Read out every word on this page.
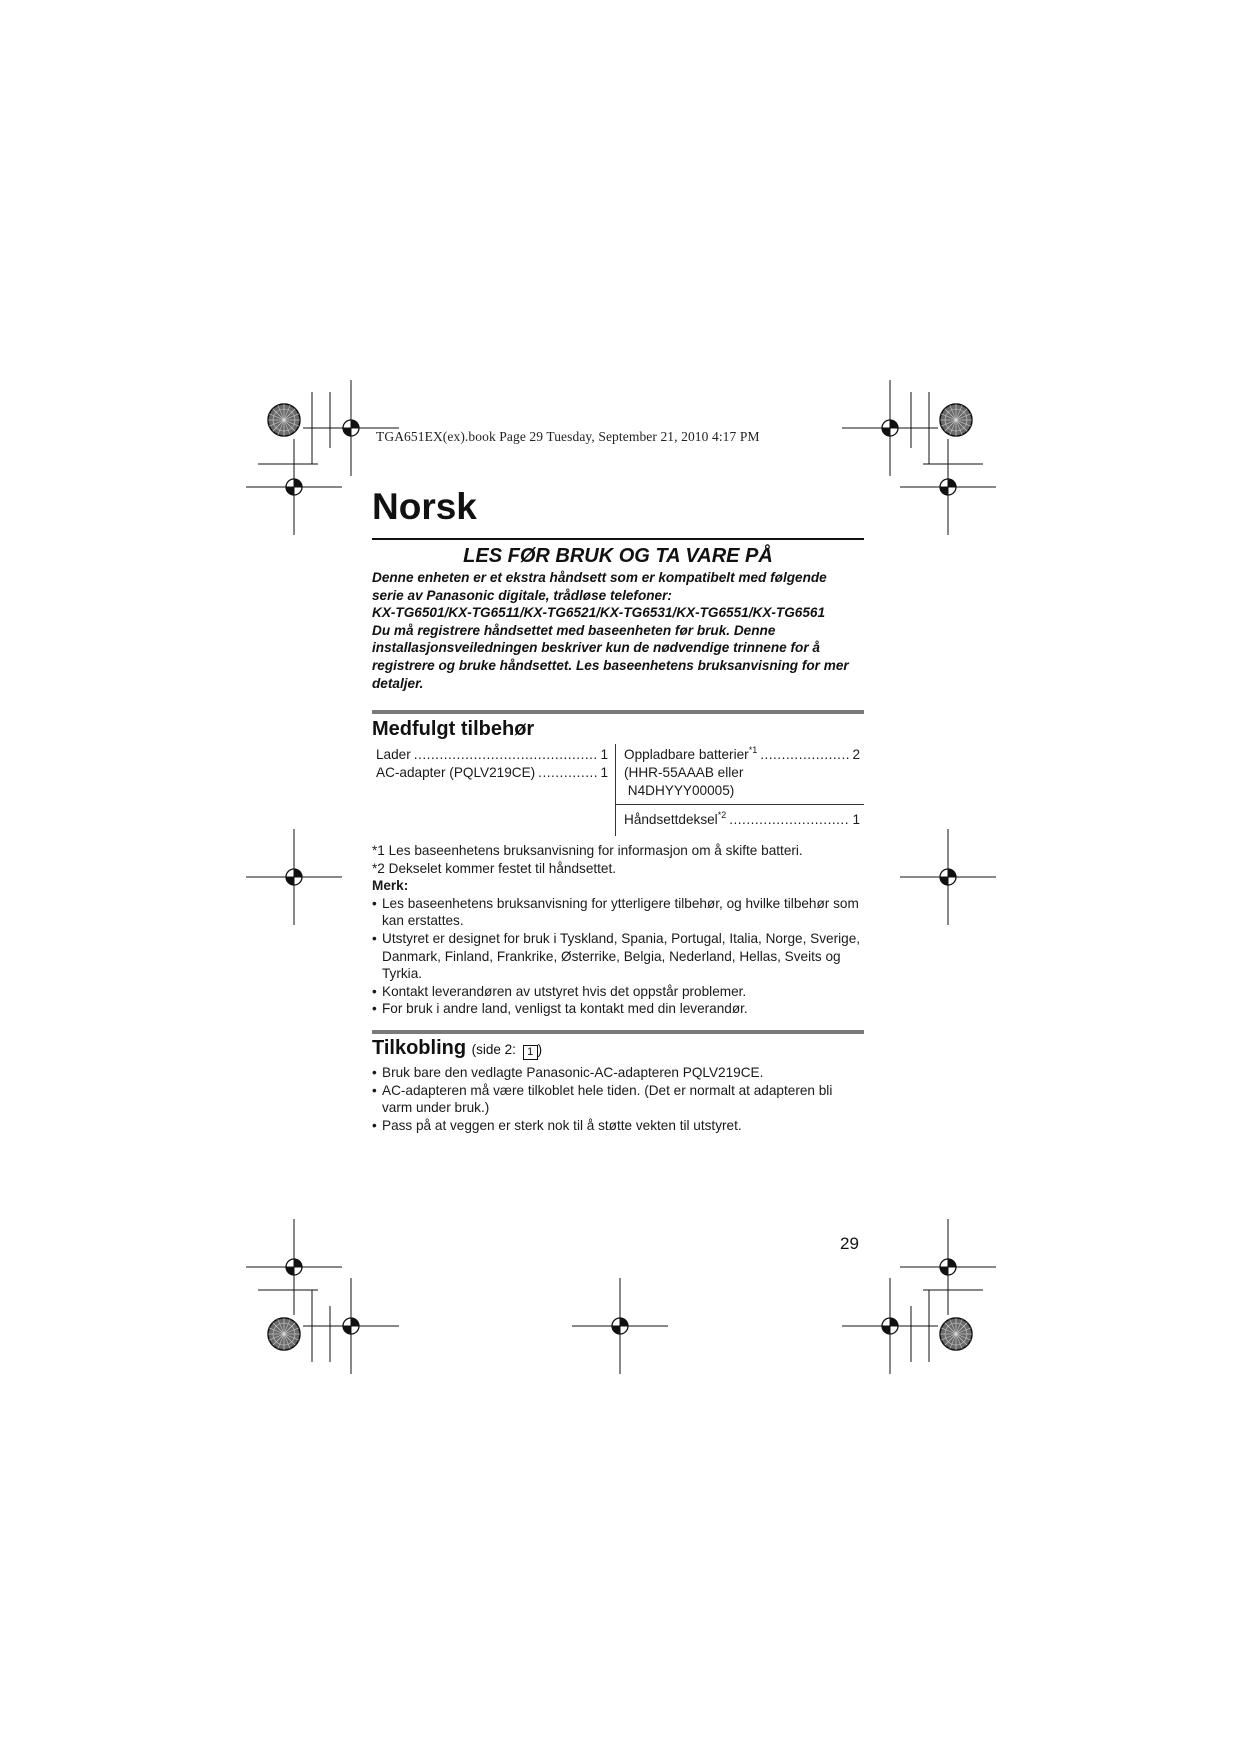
TGA651EX(ex).book Page 29 Tuesday, September 21, 2010 4:17 PM
Norsk
LES FØR BRUK OG TA VARE PÅ
Denne enheten er et ekstra håndsett som er kompatibelt med følgende
serie av Panasonic digitale, trådløse telefoner:
KX-TG6501/KX-TG6511/KX-TG6521/KX-TG6531/KX-TG6551/KX-TG6561
Du må registrere håndsettet med baseenheten før bruk. Denne
installasjonsveiledningen beskriver kun de nødvendige trinnene for å
registrere og bruke håndsettet. Les baseenhetens bruksanvisning for mer
detaljer.
Medfulgt tilbehør
Lader .....	1
AC-adapter (PQLV219CE) .....	1
Oppladbare batterier$^{*1}$ .....	2
(HHR-55AAAB eller
N4DHYYY00005)
Håndsettdeksel$^{*2}$ .....	1
*1 Les baseenhetens bruksanvisning for informasjon om å skifte batteri.
*2 Dekselet kommer festet til håndsettet.
Merk:
• Les baseenhetens bruksanvisning for ytterligere tilbehør, og hvilke tilbehør som
kan erstattes.
• Utstyret er designet for bruk i Tyskland, Spania, Portugal, Italia, Norge, Sverige,
Danmark, Finland, Frankrike, Østerrike, Belgia, Nederland, Hellas, Sveits og
Tyrkia.
• Kontakt leverandøren av utstyret hvis det oppstår problemer.
• For bruk i andre land, venligst ta kontakt med din leverandør.
Tilkobling (side 2: 1 )
• Bruk bare den vedlagte Panasonic-AC-adapteren PQLV219CE.
• AC-adapteren må være tilkoblet hele tiden. (Det er normalt at adapteren bli
varm under bruk.)
• Pass på at veggen er sterk nok til å støtte vekten til utstyret.
29
